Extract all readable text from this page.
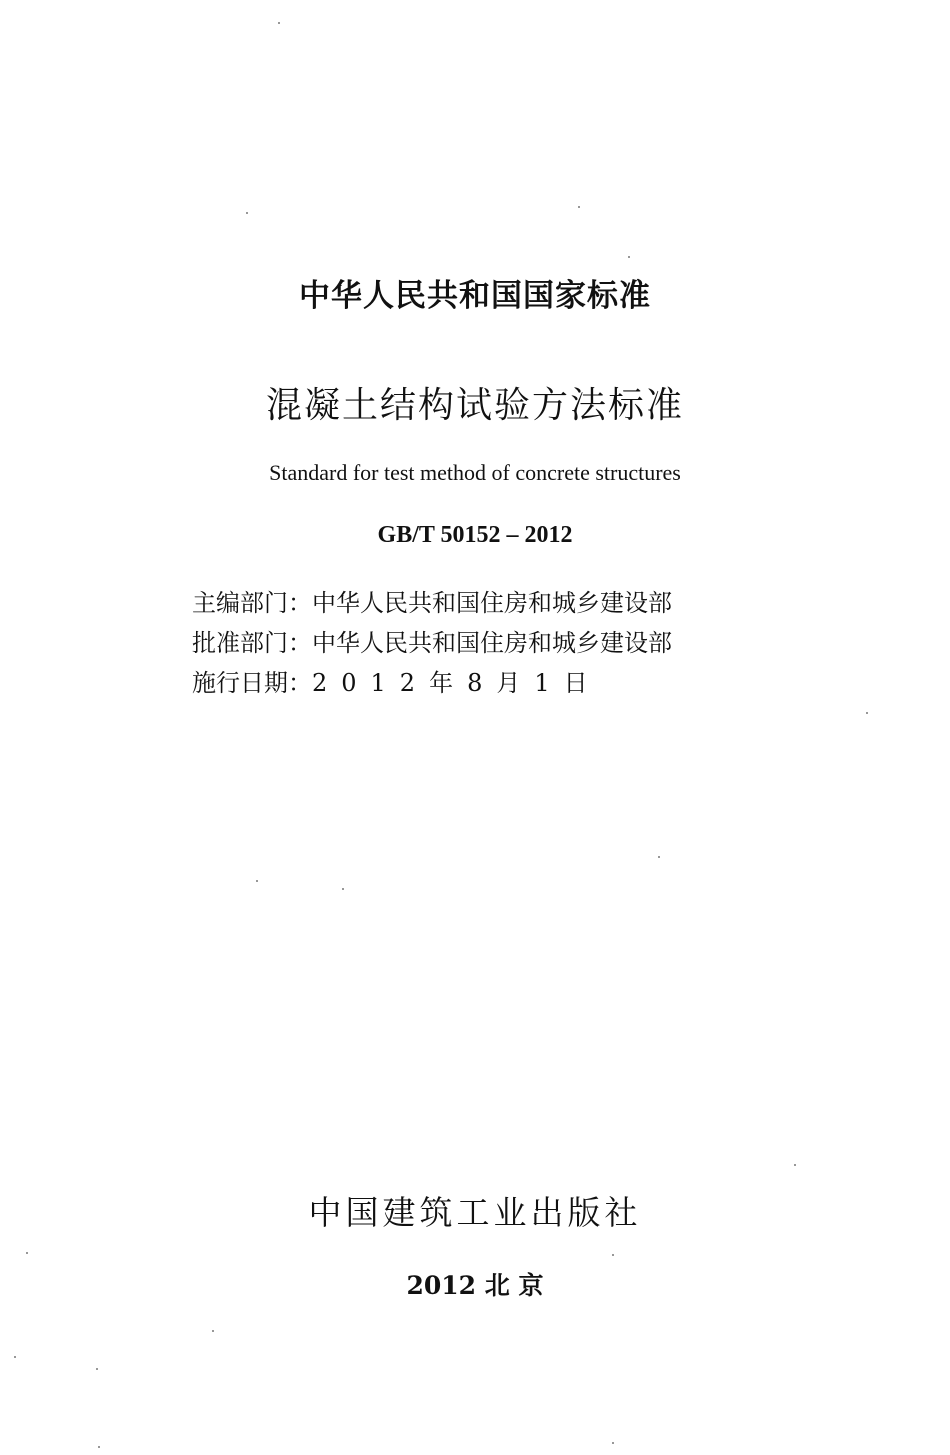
中华人民共和国国家标准
混凝土结构试验方法标准
Standard for test method of concrete structures
GB/T 50152 – 2012
主编部门：中华人民共和国住房和城乡建设部
批准部门：中华人民共和国住房和城乡建设部
施行日期：2012年8月1日
中国建筑工业出版社
2012 北 京
